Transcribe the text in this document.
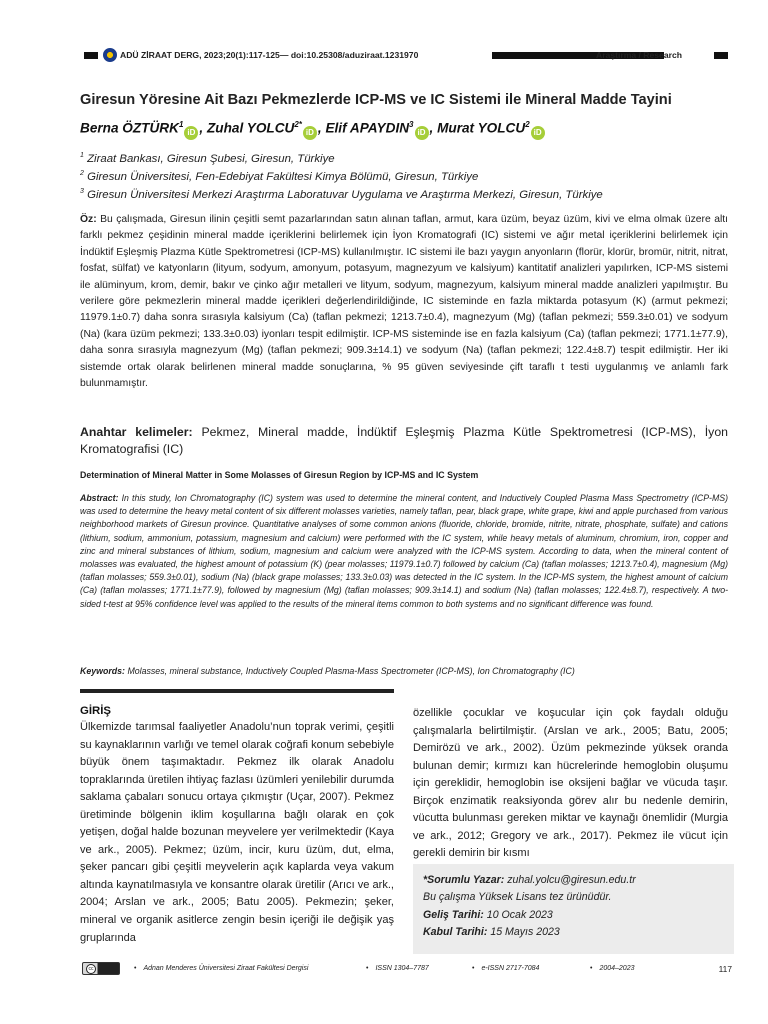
ADÜ ZİRAAT DERG, 2023;20(1):117-125— doi:10.25308/aduziraat.1231970	Araştırma / Research
Giresun Yöresine Ait Bazı Pekmezlerde ICP-MS ve IC Sistemi ile Mineral Madde Tayini
Berna ÖZTÜRK$^1$iD , Zuhal $YOLCU^{2*}iD$ , Elif APAYDIN$^3$iD , Murat YOLCU$^2$iD
$^1$ Ziraat Bankası, Giresun Şubesi, Giresun, Türkiye
$^2$ Giresun Üniversitesi, Fen-Edebiyat Fakültesi Kimya Bölümü, Giresun, Türkiye
$^3$ Giresun Üniversitesi Merkezi Araştırma Laboratuvar Uygulama ve Araştırma Merkezi, Giresun, Türkiye

Öz: Bu çalışmada, Giresun ilinin çeşitli semt pazarlarından satın alınan taflan, armut, kara üzüm, beyaz üzüm, kivi ve elma olmak üzere altı farklı pekmez çeşidinin mineral madde içeriklerini belirlemek için İyon Kromatografi (IC) sistemi ve ağır metal içeriklerini belirlemek için İndüktif Eşleşmiş Plazma Kütle Spektrometresi (ICP-MS) kullanılmıştır. IC sistemi ile bazı yaygın anyonların (florür, klorür, bromür, nitrit, nitrat, fosfat, sülfat) ve katyonların (lityum, sodyum, amonyum, potasyum, magnezyum ve kalsiyum) kantitatif analizleri yapılırken, ICP-MS sistemi ile alüminyum, krom, demir, bakır ve çinko ağır metalleri ve lityum, sodyum, magnezyum, kalsiyum mineral madde analizleri yapılmıştır. Bu verilere göre pekmezlerin mineral madde içerikleri değerlendirildiğinde, IC sisteminde en fazla miktarda potasyum (K) (armut pekmezi; 11979.1±0.7) daha sonra sırasıyla kalsiyum (Ca) (taflan pekmezi; 1213.7±0.4), magnezyum (Mg) (taflan pekmezi; 559.3±0.01) ve sodyum (Na) (kara üzüm pekmezi; 133.3±0.03) iyonları tespit edilmiştir. ICP-MS sisteminde ise en fazla kalsiyum (Ca) (taflan pekmezi; 1771.1±77.9), daha sonra sırasıyla magnezyum (Mg) (taflan pekmezi; 909.3±14.1) ve sodyum (Na) (taflan pekmezi; 122.4±8.7) tespit edilmiştir. Her iki sistemde ortak olarak belirlenen mineral madde sonuçlarına, % 95 güven seviyesinde çift taraflı t testi uygulanmış ve anlamlı fark bulunmamıştır.

Anahtar kelimeler: Pekmez, Mineral madde, İndüktif Eşleşmiş Plazma Kütle Spektrometresi (ICP-MS), İyon Kromatografisi (IC)

Determination of Mineral Matter in Some Molasses of Giresun Region by ICP-MS and IC System

Abstract: In this study, Ion Chromatography (IC) system was used to determine the mineral content, and Inductively Coupled Plasma Mass Spectrometry (ICP-MS) was used to determine the heavy metal content of six different molasses varieties, namely taflan, pear, black grape, white grape, kiwi and apple purchased from various neighborhood markets of Giresun province. Quantitative analyses of some common anions (fluoride, chloride, bromide, nitrite, nitrate, phosphate, sulfate) and cations (lithium, sodium, ammonium, potassium, magnesium and calcium) were performed with the IC system, while heavy metals of aluminum, chromium, iron, copper and zinc and mineral substances of lithium, sodium, magnesium and calcium were analyzed with the ICP-MS system. According to data, when the mineral content of molasses was evaluated, the highest amount of potassium (K) (pear molasses; 11979.1±0.7) followed by calcium (Ca) (taflan molasses; 1213.7±0.4), magnesium (Mg) (taflan molasses; 559.3±0.01), sodium (Na) (black grape molasses; 133.3±0.03) was detected in the IC system. In the ICP-MS system, the highest amount of calcium (Ca) (taflan molasses; 1771.1±77.9), followed by magnesium (Mg) (taflan molasses; 909.3±14.1) and sodium (Na) (taflan molasses; 122.4±8.7), respectively. A two-sided t-test at 95% confidence level was applied to the results of the mineral items common to both systems and no significant difference was found.

Keywords: Molasses, mineral substance, Inductively Coupled Plasma-Mass Spectrometer (ICP-MS), Ion Chromatography (IC)

GİRİŞ

Ülkemizde tarımsal faaliyetler Anadolu’nun toprak verimi, çeşitli su kaynaklarının varlığı ve temel olarak coğrafi konum sebebiyle büyük önem taşımaktadır. Pekmez ilk olarak Anadolu topraklarında üretilen ihtiyaç fazlası üzümleri yenilebilir durumda saklama çabaları sonucu ortaya çıkmıştır (Uçar, 2007). Pekmez üretiminde bölgenin iklim koşullarına bağlı olarak en çok yetişen, doğal halde bozunan meyvelere yer verilmektedir (Kaya ve ark., 2005). Pekmez; üzüm, incir, kuru üzüm, dut, elma, şeker pancarı gibi çeşitli meyvelerin açık kaplarda veya vakum altında kaynatılmasıyla ve konsantre olarak üretilir (Arıcı ve ark., 2004; Arslan ve ark., 2005; Batu 2005). Pekmezin; şeker, mineral ve organik asitlerce zengin besin içeriği ile değişik yaş gruplarında

özellikle çocuklar ve koşucular için çok faydalı olduğu çalışmalarla belirtilmiştir. (Arslan ve ark., 2005; Batu, 2005; Demirözü ve ark., 2002). Üzüm pekmezinde yüksek oranda bulunan demir; kırmızı kan hücrelerinde hemoglobin oluşumu için gereklidir, hemoglobin ise oksijeni bağlar ve vücuda taşır. Birçok enzimatik reaksiyonda görev alır bu nedenle demirin, vücutta bulunması gereken miktar ve kaynağı önemlidir (Murgia ve ark., 2012; Gregory ve ark., 2017). Pekmez ile vücut için gerekli demirin bir kısmı

*Sorumlu Yazar: zuhal.yolcu@giresun.edu.tr
Bu çalışma Yüksek Lisans tez ürünüdür.
Geliş Tarihi: 10 Ocak 2023
Kabul Tarihi: 15 Mayıs 2023
cc	• Adnan Menderes Üniversitesi Ziraat Fakültesi Dergisi	• ISSN 1304–7787	• e-ISSN 2717-7084	• 2004–2023	117
